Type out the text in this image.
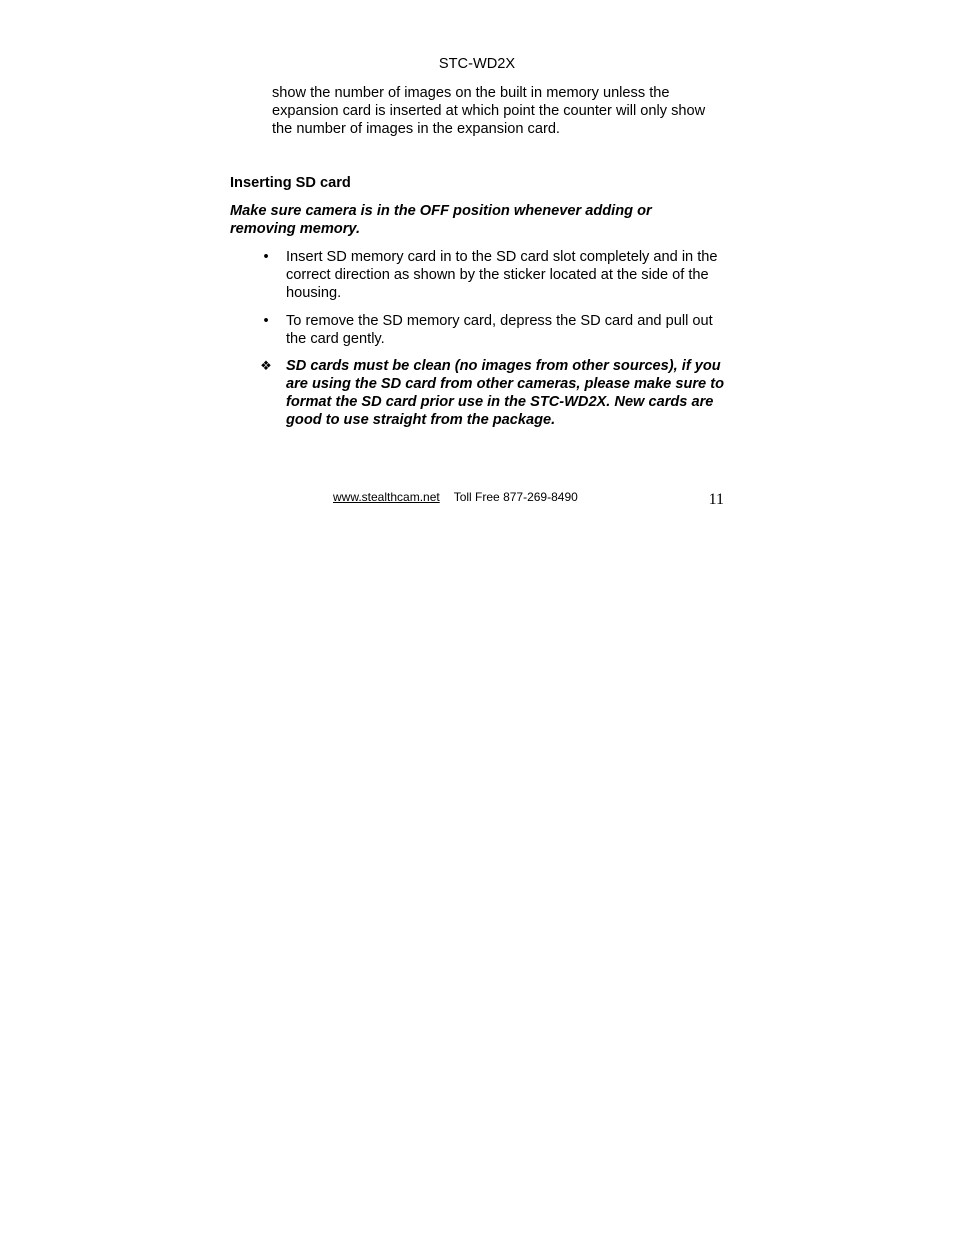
STC-WD2X
show the number of images on the built in memory unless the expansion card is inserted at which point the counter will only show the number of images in the expansion card.
Inserting SD card
Make sure camera is in the OFF position whenever adding or removing memory.
•	Insert SD memory card in to the SD card slot completely and in the correct direction as shown by the sticker located at the side of the housing.
•	To remove the SD memory card, depress the SD card and pull out the card gently.
❖ SD cards must be clean (no images from other sources), if you are using the SD card from other cameras, please make sure to format the SD card prior use in the STC-WD2X. New cards are good to use straight from the package.
www.stealthcam.net Toll Free 877-269-8490	11
